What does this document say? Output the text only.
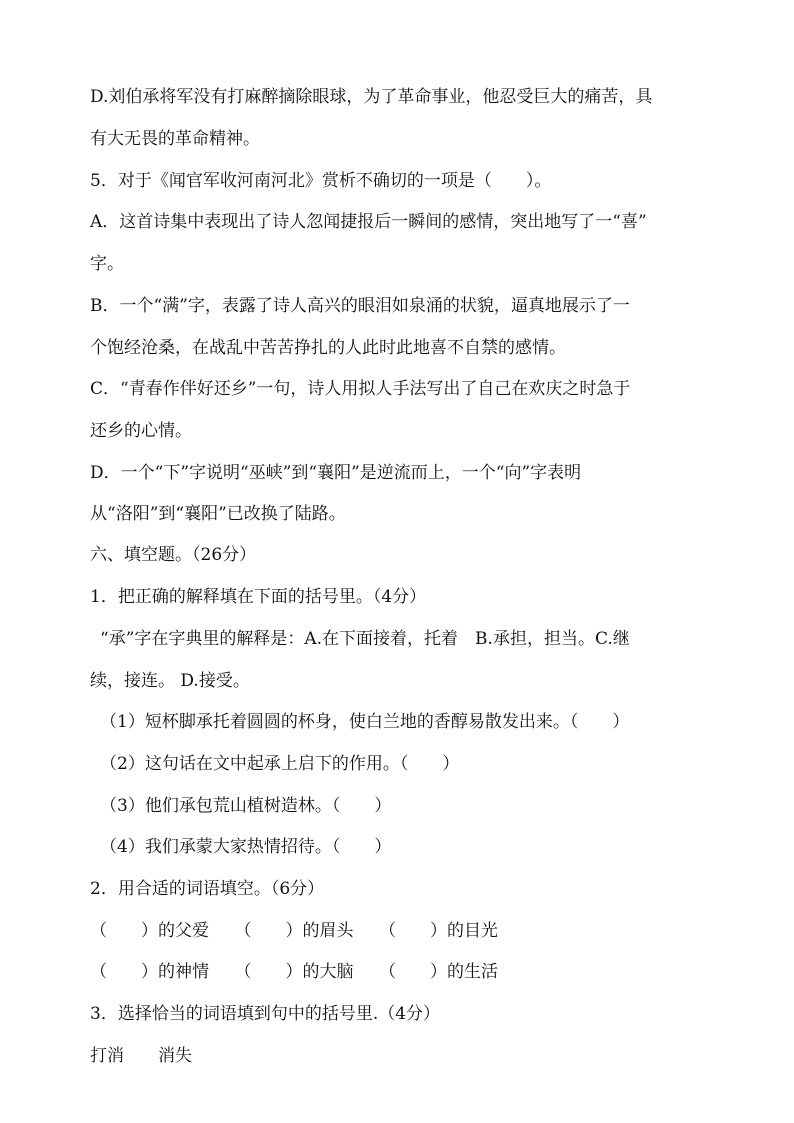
D.刘伯承将军没有打麻醉摘除眼球，为了革命事业，他忍受巨大的痛苦，具
有大无畏的革命精神。
5．对于《闻官军收河南河北》赏析不确切的一项是（　　）。
A．这首诗集中表现出了诗人忽闻捷报后一瞬间的感情，突出地写了一“喜”
字。
B．一个“满”字，表露了诗人高兴的眼泪如泉涌的状貌，逼真地展示了一
个饱经沧桑，在战乱中苦苦挣扎的人此时此地喜不自禁的感情。
C．“青春作伴好还乡”一句，诗人用拟人手法写出了自己在欢庆之时急于
还乡的心情。
D．一个“下”字说明“巫峡”到“襄阳”是逆流而上，一个“向”字表明
从“洛阳”到“襄阳”已改换了陆路。
六、填空题。（26分）
1．把正确的解释填在下面的括号里。（4分）
“承”字在字典里的解释是：A.在下面接着，托着　B.承担，担当。C.继
续，接连。 D.接受。
（1）短杯脚承托着圆圆的杯身，使白兰地的香醇易散发出来。（　　）
（2）这句话在文中起承上启下的作用。（　　）
（3）他们承包荒山植树造林。（　　）
（4）我们承蒙大家热情招待。（　　）
2．用合适的词语填空。（6分）
（　　）的父爱　　（　　）的眉头　　（　　）的目光
（　　）的神情　　（　　）的大脑　　（　　）的生活
3．选择恰当的词语填到句中的括号里.（4分）
打消　　消失
